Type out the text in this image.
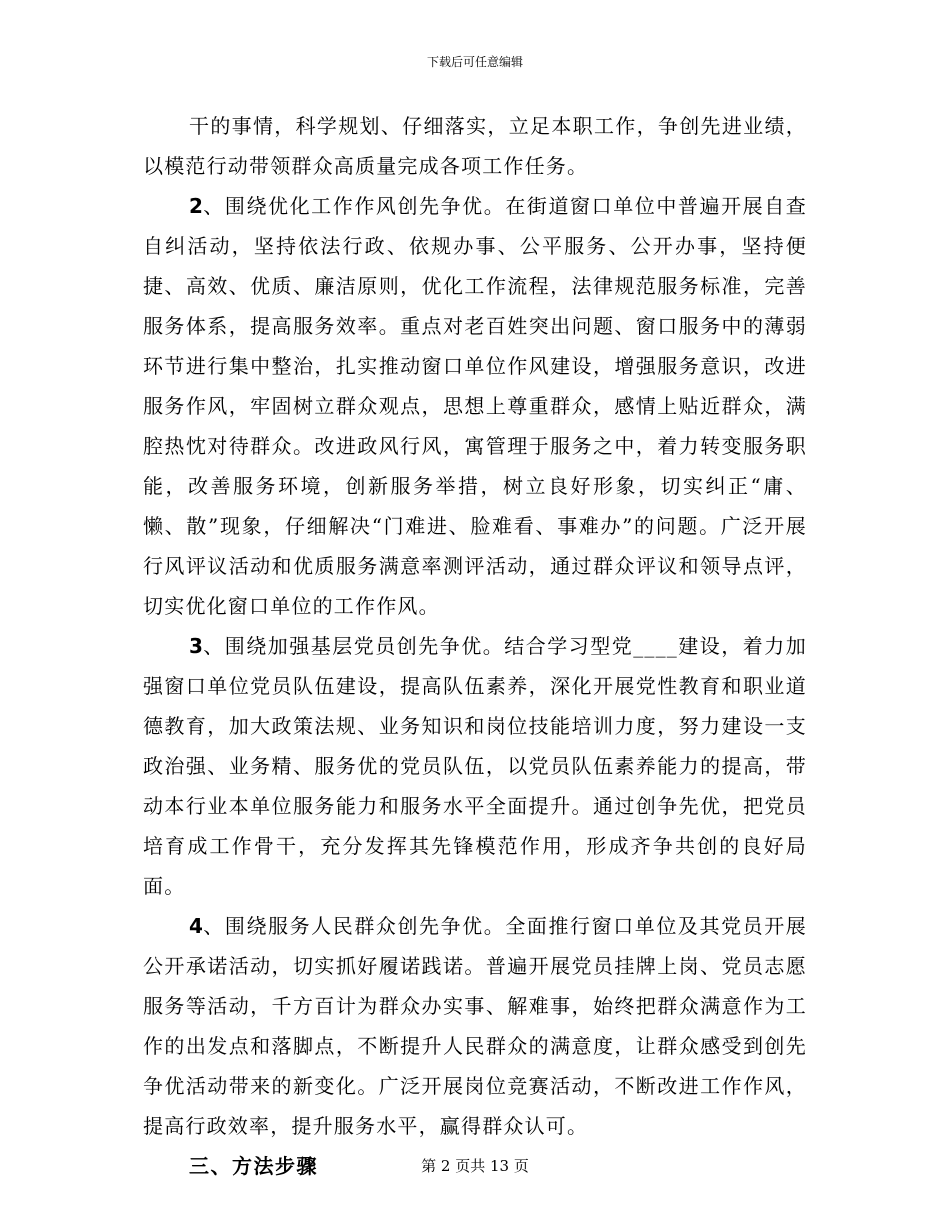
下载后可任意编辑

干的事情，科学规划、仔细落实，立足本职工作，争创先进业绩，以模范行动带领群众高质量完成各项工作任务。

2、围绕优化工作作风创先争优。在街道窗口单位中普遍开展自查自纠活动，坚持依法行政、依规办事、公平服务、公开办事，坚持便捷、高效、优质、廉洁原则，优化工作流程，法律规范服务标准，完善服务体系，提高服务效率。重点对老百姓突出问题、窗口服务中的薄弱环节进行集中整治，扎实推动窗口单位作风建设，增强服务意识，改进服务作风，牢固树立群众观点，思想上尊重群众，感情上贴近群众，满腔热忱对待群众。改进政风行风，寓管理于服务之中，着力转变服务职能，改善服务环境，创新服务举措，树立良好形象，切实纠正“庸、懒、散”现象，仔细解决“门难进、脸难看、事难办”的问题。广泛开展行风评议活动和优质服务满意率测评活动，通过群众评议和领导点评，切实优化窗口单位的工作作风。

3、围绕加强基层党员创先争优。结合学习型党____建设，着力加强窗口单位党员队伍建设，提高队伍素养，深化开展党性教育和职业道德教育，加大政策法规、业务知识和岗位技能培训力度，努力建设一支政治强、业务精、服务优的党员队伍，以党员队伍素养能力的提高，带动本行业本单位服务能力和服务水平全面提升。通过创争先优，把党员培育成工作骨干，充分发挥其先锋模范作用，形成齐争共创的良好局面。

4、围绕服务人民群众创先争优。全面推行窗口单位及其党员开展公开承诺活动，切实抓好履诺践诺。普遍开展党员挂牌上岗、党员志愿服务等活动，千方百计为群众办实事、解难事，始终把群众满意作为工作的出发点和落脚点，不断提升人民群众的满意度，让群众感受到创先争优活动带来的新变化。广泛开展岗位竞赛活动，不断改进工作作风，提高行政效率，提升服务水平，赢得群众认可。

三、方法步骤	第 2 页共 13 页
